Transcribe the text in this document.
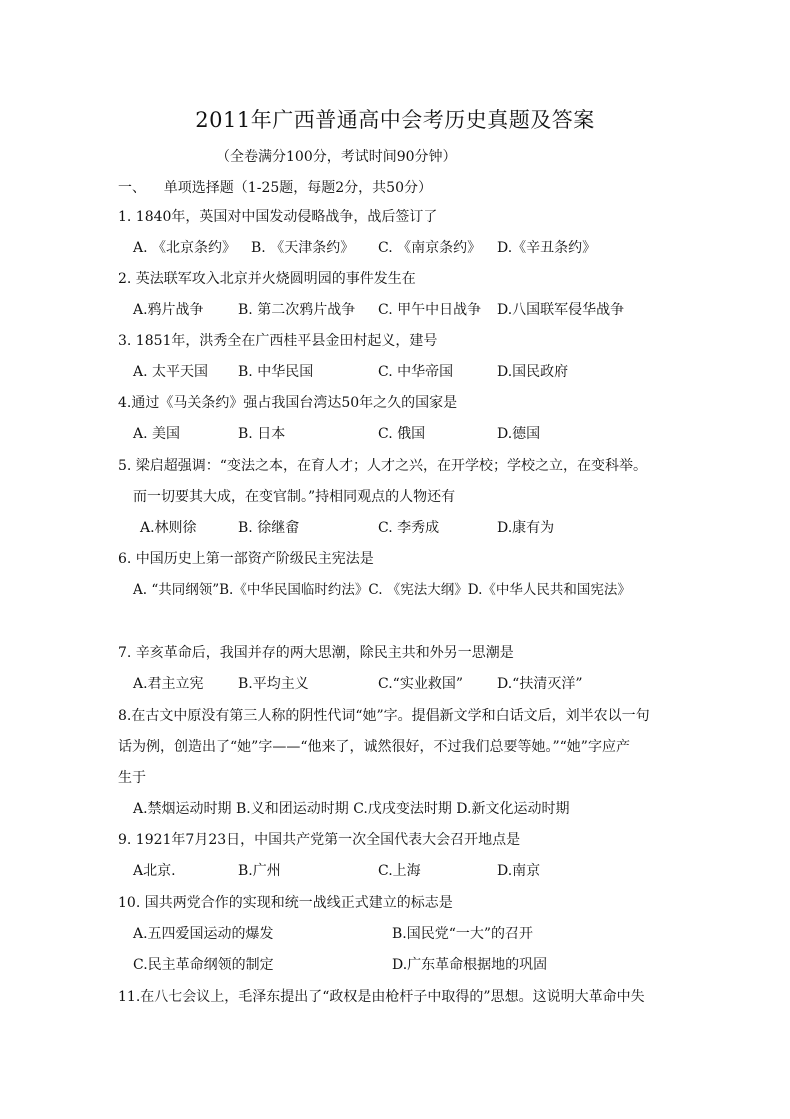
2011年广西普通高中会考历史真题及答案
（全卷满分100分，考试时间90分钟）
一、    单项选择题（1-25题，每题2分，共50分）
1. 1840年，英国对中国发动侵略战争，战后签订了
A. 《北京条约》 B. 《天津条约》 C. 《南京条约》 D.《辛丑条约》
2. 英法联军攻入北京并火烧圆明园的事件发生在
A.鸦片战争 B. 第二次鸦片战争 C. 甲午中日战争 D.八国联军侵华战争
3. 1851年，洪秀全在广西桂平县金田村起义，建号
A. 太平天国 B. 中华民国	C. 中华帝国	D.国民政府
4.通过《马关条约》强占我国台湾达50年之久的国家是
A. 美国	B. 日本	C. 俄国	D.德国
5. 梁启超强调：“变法之本，在育人才；人才之兴，在开学校；学校之立，在变科举。
而一切要其大成，在变官制。”持相同观点的人物还有
A.林则徐	B. 徐继畲	C. 李秀成	D.康有为
6. 中国历史上第一部资产阶级民主宪法是
A. “共同纲领”B.《中华民国临时约法》C. 《宪法大纲》D.《中华人民共和国宪法》
7. 辛亥革命后，我国并存的两大思潮，除民主共和外另一思潮是
A.君主立宪 B.平均主义	C.“实业救国” D.“扶清灭洋”
8.在古文中原没有第三人称的阴性代词“她”字。提倡新文学和白话文后，刘半农以一句
话为例，创造出了“她”字——“他来了，诚然很好，不过我们总要等她。”“她”字应产
生于
A.禁烟运动时期 B.义和团运动时期 C.戊戌变法时期 D.新文化运动时期
9. 1921年7月23日，中国共产党第一次全国代表大会召开地点是
A北京.	B.广州	C.上海	D.南京
10. 国共两党合作的实现和统一战线正式建立的标志是
A.五四爱国运动的爆发	B.国民党“一大”的召开
C.民主革命纲领的制定	D.广东革命根据地的巩固
11.在八七会议上，毛泽东提出了“政权是由枪杆子中取得的”思想。这说明大革命中失
